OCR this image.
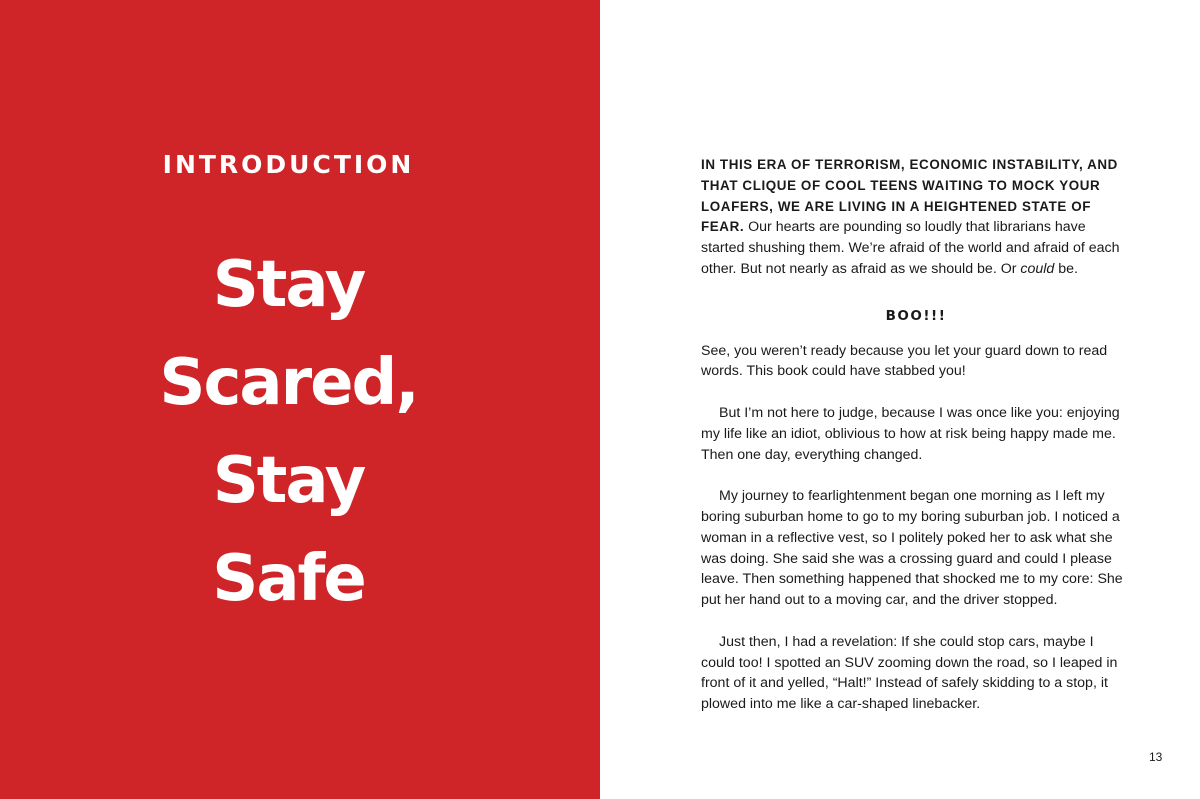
INTRODUCTION
Stay
Scared,
Stay
Safe

IN THIS ERA OF TERRORISM, ECONOMIC INSTABILITY, AND THAT CLIQUE OF COOL TEENS WAITING TO MOCK YOUR LOAFERS, WE ARE LIVING IN A HEIGHTENED STATE OF FEAR. Our hearts are pounding so loudly that librarians have started shushing them. We’re afraid of the world and afraid of each other. But not nearly as afraid as we should be. Or could be.

BOO!!!

See, you weren’t ready because you let your guard down to read words. This book could have stabbed you!

But I’m not here to judge, because I was once like you: enjoying my life like an idiot, oblivious to how at risk being happy made me. Then one day, everything changed.

My journey to fearlightenment began one morning as I left my boring suburban home to go to my boring suburban job. I noticed a woman in a reflective vest, so I politely poked her to ask what she was doing. She said she was a crossing guard and could I please leave. Then something happened that shocked me to my core: She put her hand out to a moving car, and the driver stopped.

Just then, I had a revelation: If she could stop cars, maybe I could too! I spotted an SUV zooming down the road, so I leaped in front of it and yelled, “Halt!” Instead of safely skidding to a stop, it plowed into me like a car-shaped linebacker.

13
